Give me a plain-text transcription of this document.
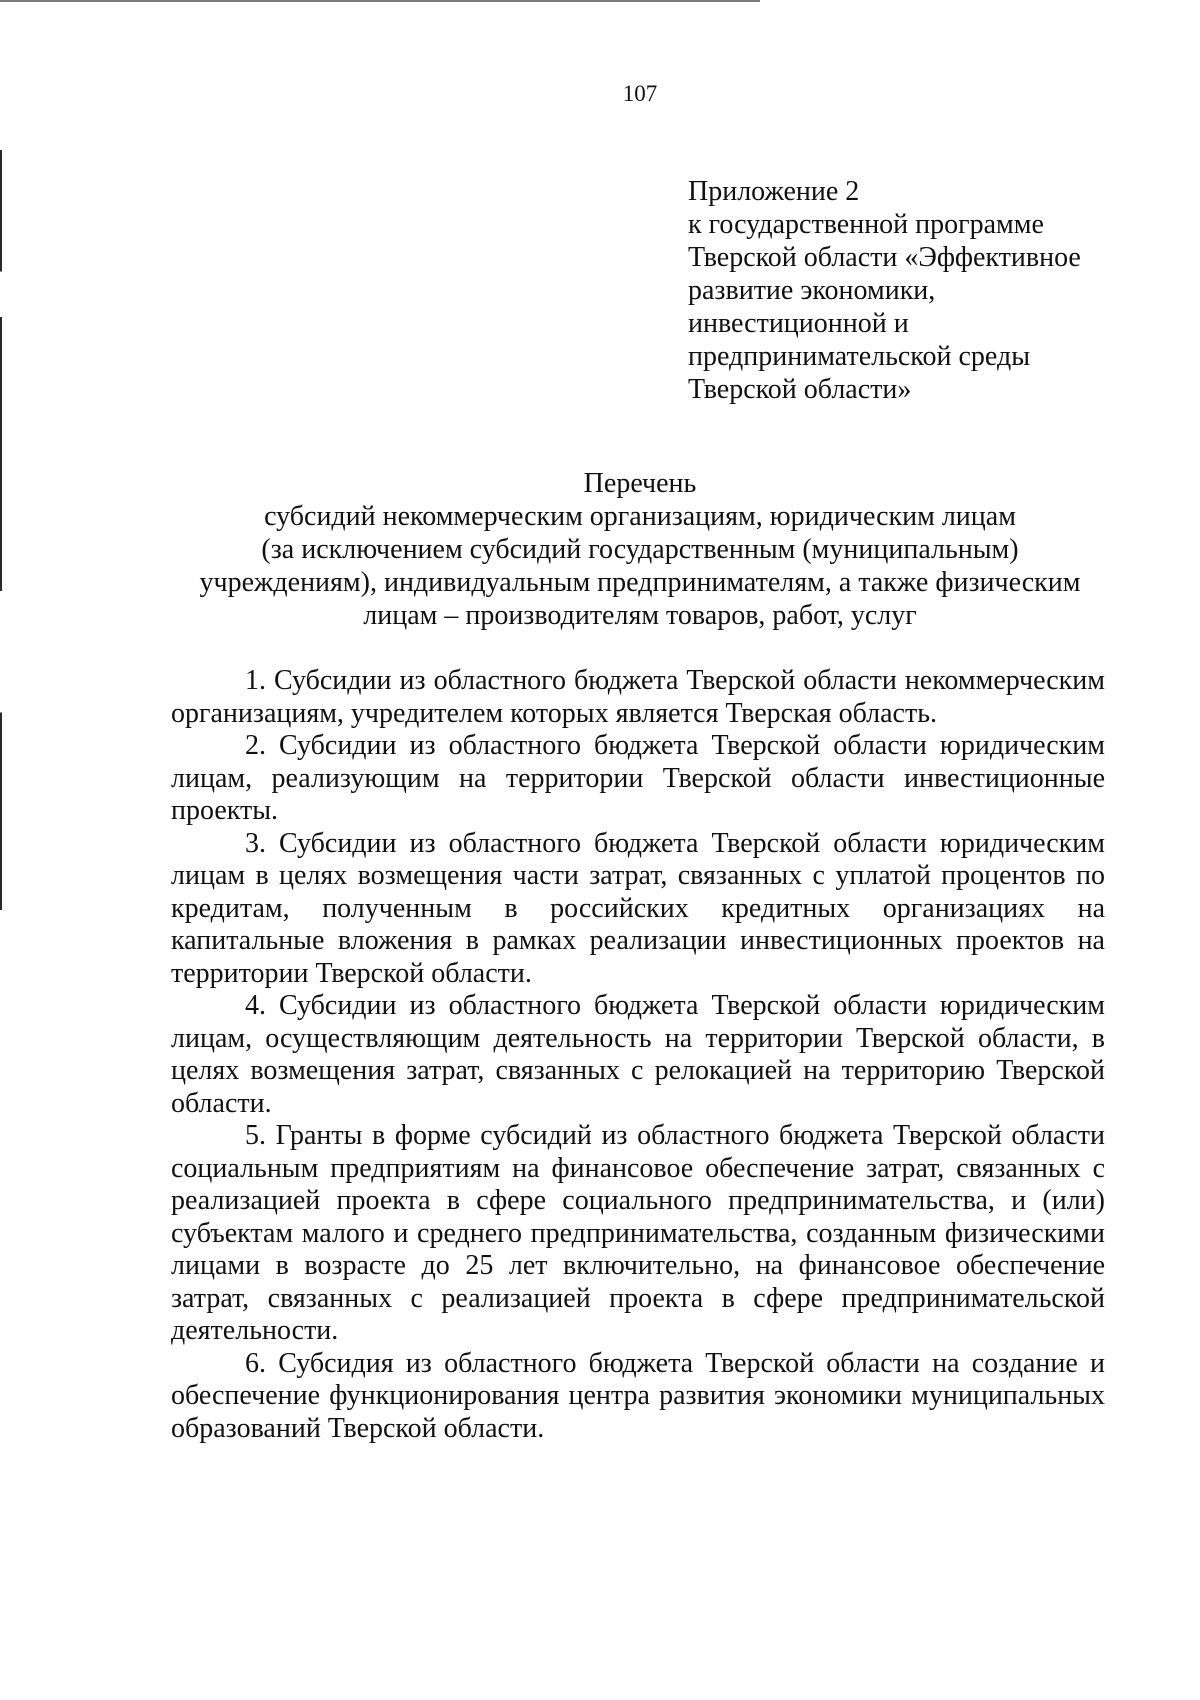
107
Приложение 2
к государственной программе
Тверской области «Эффективное
развитие экономики,
инвестиционной и
предпринимательской среды
Тверской области»
Перечень
субсидий некоммерческим организациям, юридическим лицам
(за исключением субсидий государственным (муниципальным)
учреждениям), индивидуальным предпринимателям, а также физическим
лицам – производителям товаров, работ, услуг

1. Субсидии из областного бюджета Тверской области некоммерческим организациям, учредителем которых является Тверская область.

2. Субсидии из областного бюджета Тверской области юридическим лицам, реализующим на территории Тверской области инвестиционные проекты.

3. Субсидии из областного бюджета Тверской области юридическим лицам в целях возмещения части затрат, связанных с уплатой процентов по кредитам, полученным в российских кредитных организациях на капитальные вложения в рамках реализации инвестиционных проектов на территории Тверской области.

4. Субсидии из областного бюджета Тверской области юридическим лицам, осуществляющим деятельность на территории Тверской области, в целях возмещения затрат, связанных с релокацией на территорию Тверской области.

5. Гранты в форме субсидий из областного бюджета Тверской области социальным предприятиям на финансовое обеспечение затрат, связанных с реализацией проекта в сфере социального предпринимательства, и (или) субъектам малого и среднего предпринимательства, созданным физическими лицами в возрасте до 25 лет включительно, на финансовое обеспечение затрат, связанных с реализацией проекта в сфере предпринимательской деятельности.

6. Субсидия из областного бюджета Тверской области на создание и обеспечение функционирования центра развития экономики муниципальных образований Тверской области.
